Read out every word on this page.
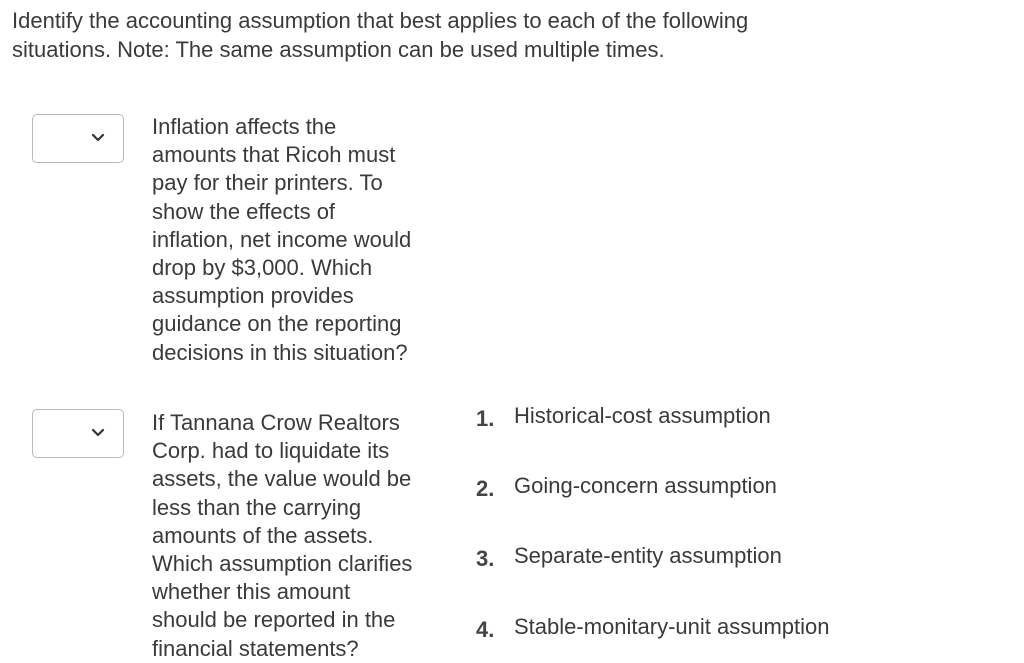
Identify the accounting assumption that best applies to each of the following
situations. Note: The same assumption can be used multiple times.
Inflation affects the
amounts that Ricoh must
pay for their printers. To
show the effects of
inflation, net income would
drop by $3,000. Which
assumption provides
guidance on the reporting
decisions in this situation?
If Tannana Crow Realtors
Corp. had to liquidate its
assets, the value would be
less than the carrying
amounts of the assets.
Which assumption clarifies
whether this amount
should be reported in the
financial statements?
1. Historical-cost assumption
2. Going-concern assumption
3. Separate-entity assumption
4. Stable-monitary-unit assumption
